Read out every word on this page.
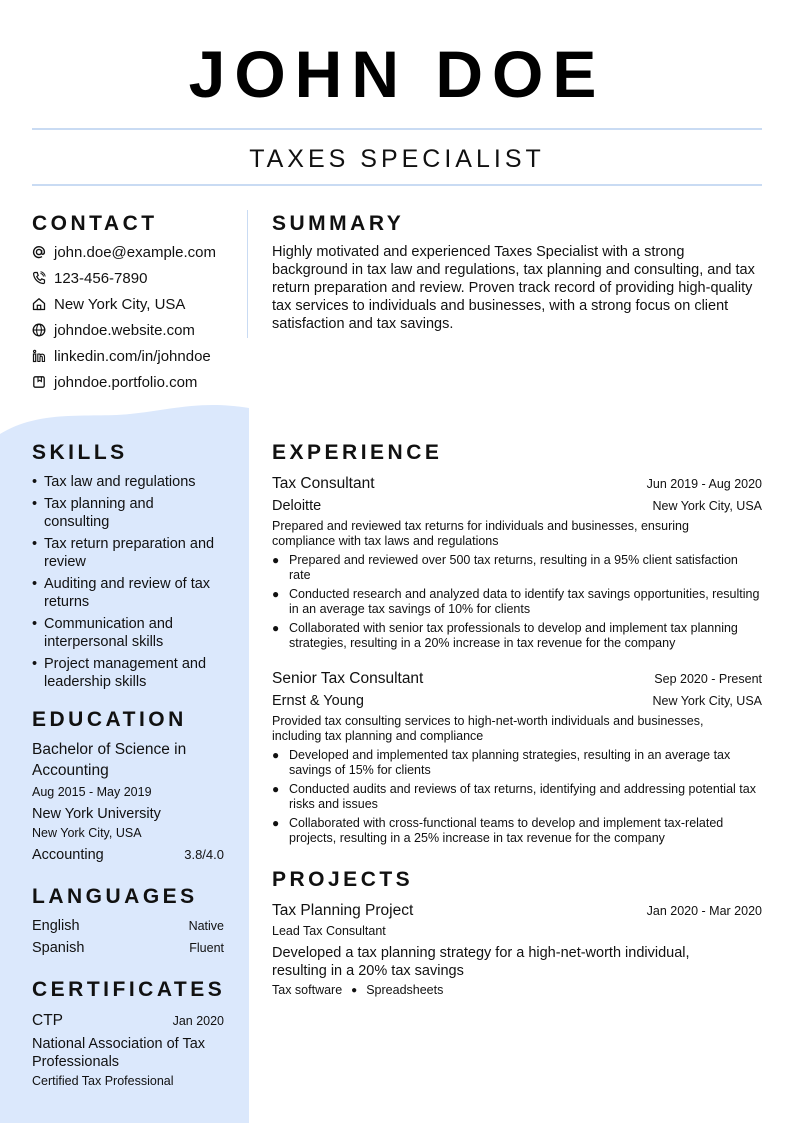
JOHN DOE
TAXES SPECIALIST
CONTACT
john.doe@example.com
123-456-7890
New York City, USA
johndoe.website.com
linkedin.com/in/johndoe
johndoe.portfolio.com
SUMMARY
Highly motivated and experienced Taxes Specialist with a strong background in tax law and regulations, tax planning and consulting, and tax return preparation and review. Proven track record of providing high-quality tax services to individuals and businesses, with a strong focus on client satisfaction and tax savings.
SKILLS
• Tax law and regulations
• Tax planning and consulting
• Tax return preparation and review
• Auditing and review of tax returns
• Communication and interpersonal skills
• Project management and leadership skills
EDUCATION
Bachelor of Science in Accounting
Aug 2015 - May 2019
New York University
New York City, USA
Accounting	3.8/4.0
LANGUAGES
English	Native
Spanish	Fluent
CERTIFICATES
CTP	Jan 2020
National Association of Tax Professionals
Certified Tax Professional
EXPERIENCE
Tax Consultant	Jun 2019 - Aug 2020
Deloitte	New York City, USA
Prepared and reviewed tax returns for individuals and businesses, ensuring compliance with tax laws and regulations
● Prepared and reviewed over 500 tax returns, resulting in a 95% client satisfaction rate
● Conducted research and analyzed data to identify tax savings opportunities, resulting in an average tax savings of 10% for clients
● Collaborated with senior tax professionals to develop and implement tax planning strategies, resulting in a 20% increase in tax revenue for the company
Senior Tax Consultant	Sep 2020 - Present
Ernst & Young	New York City, USA
Provided tax consulting services to high-net-worth individuals and businesses, including tax planning and compliance
● Developed and implemented tax planning strategies, resulting in an average tax savings of 15% for clients
● Conducted audits and reviews of tax returns, identifying and addressing potential tax risks and issues
● Collaborated with cross-functional teams to develop and implement tax-related projects, resulting in a 25% increase in tax revenue for the company
PROJECTS
Tax Planning Project	Jan 2020 - Mar 2020
Lead Tax Consultant
Developed a tax planning strategy for a high-net-worth individual, resulting in a 20% tax savings
Tax software ● Spreadsheets
